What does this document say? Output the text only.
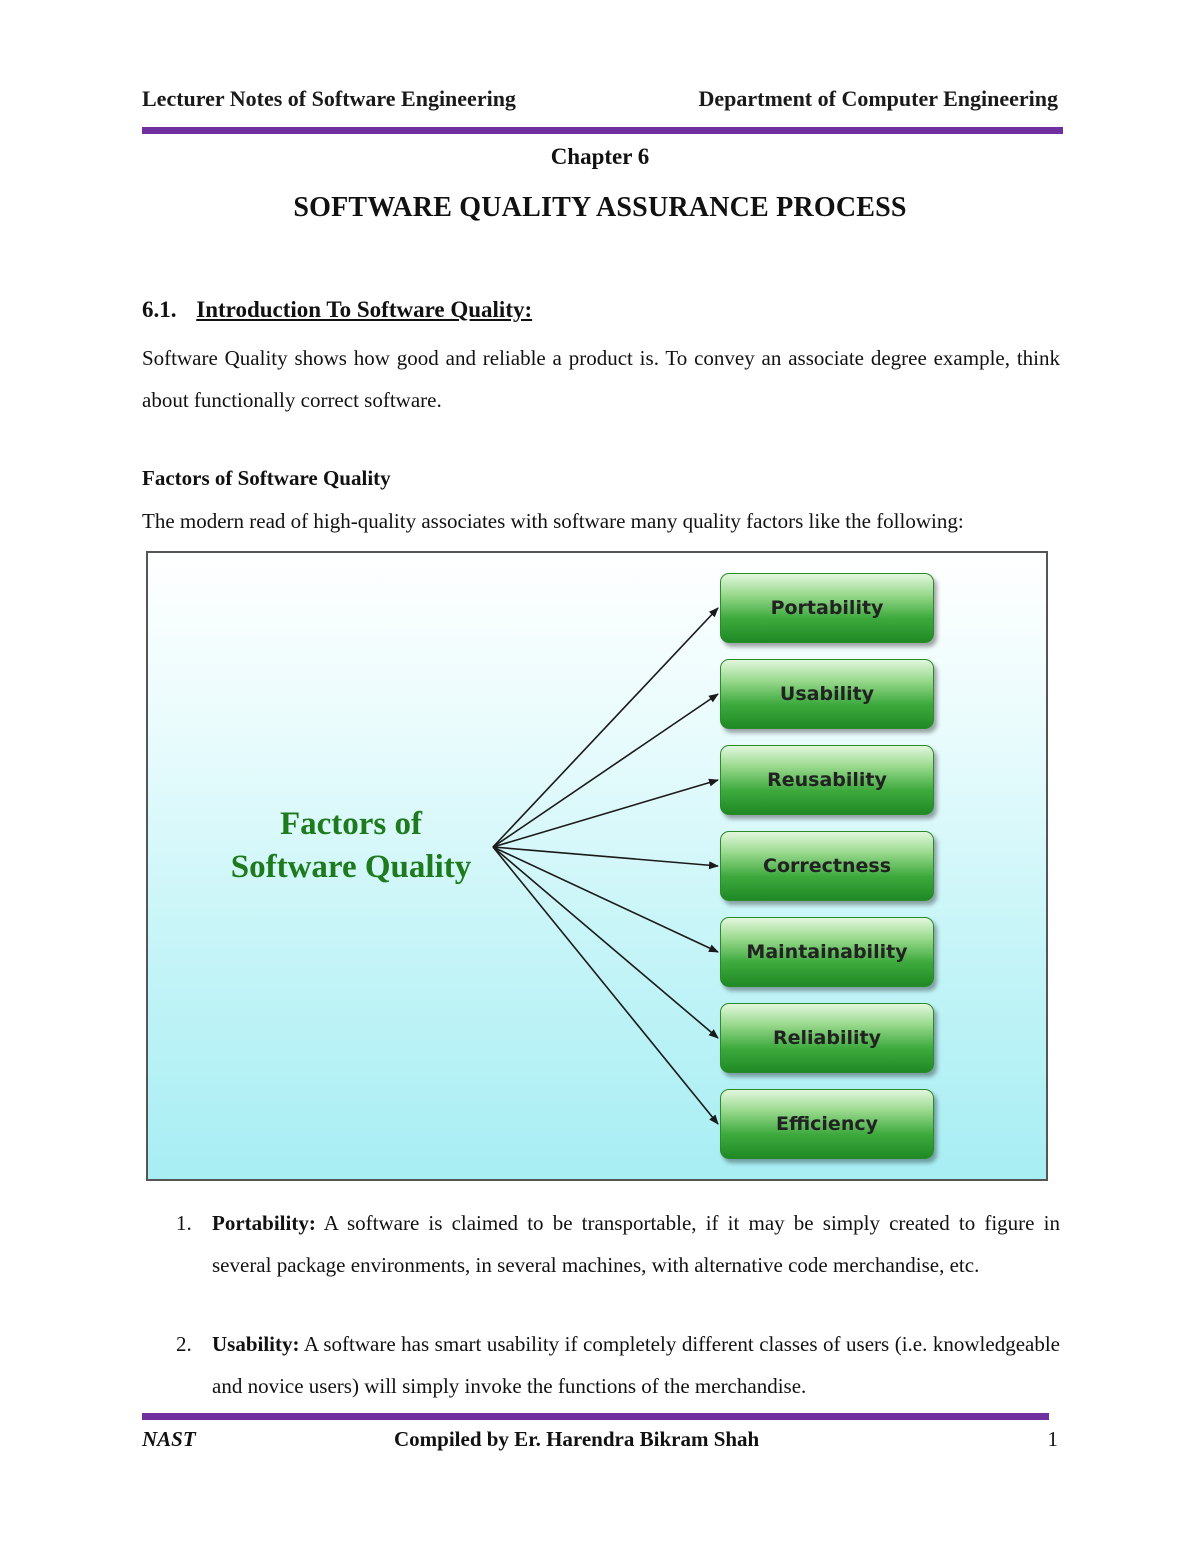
Lecturer Notes of Software Engineering	Department of Computer Engineering
Chapter 6
SOFTWARE QUALITY ASSURANCE PROCESS
6.1. Introduction To Software Quality:
Software Quality shows how good and reliable a product is. To convey an associate degree example, think about functionally correct software.
Factors of Software Quality
The modern read of high-quality associates with software many quality factors like the following:
Factors of
Software Quality
Portability
Usability
Reusability
Correctness
Maintainability
Reliability
Efficiency
1. Portability: A software is claimed to be transportable, if it may be simply created to figure in several package environments, in several machines, with alternative code merchandise, etc.
2. Usability: A software has smart usability if completely different classes of users (i.e. knowledgeable and novice users) will simply invoke the functions of the merchandise.
NAST	Compiled by Er. Harendra Bikram Shah	1
